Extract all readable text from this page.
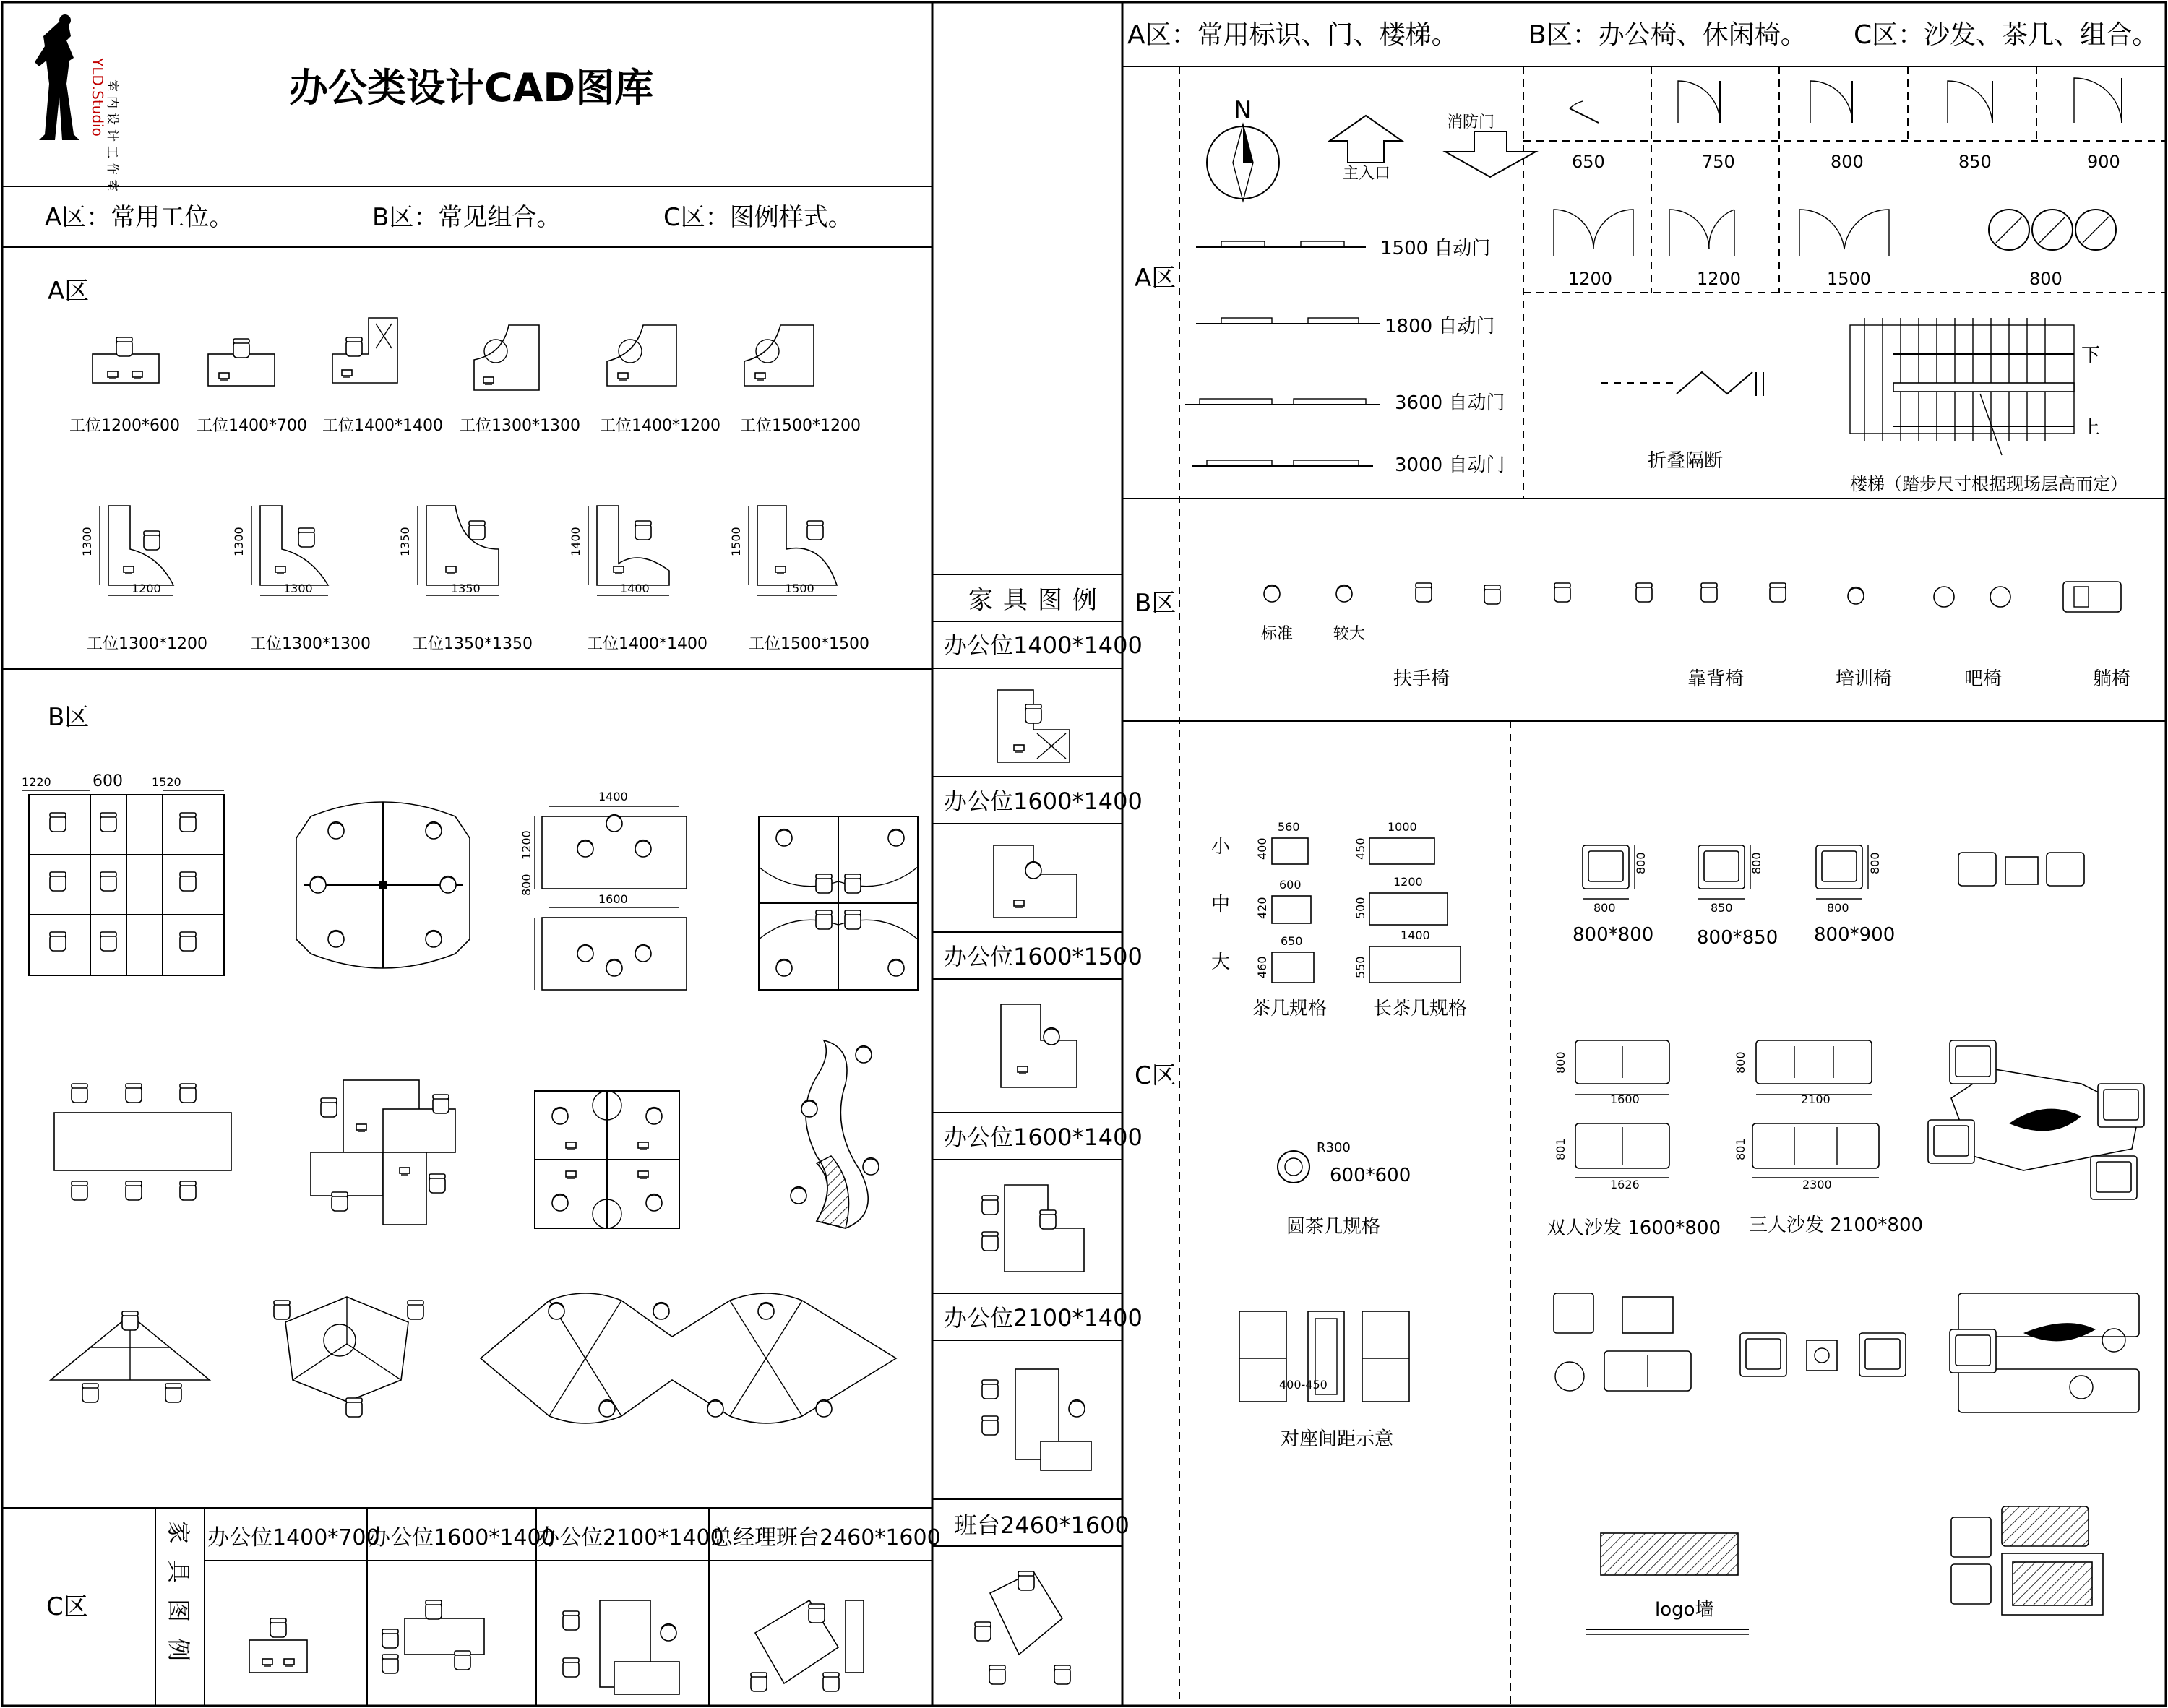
YLD.Studio
室内设计工作室	办公类设计CAD图库
A区：常用工位。	B区：常见组合。	C区：图例样式。
A区
工位1200*600 工位1400*700 工位1400*1400 工位1300*1300 工位1400*1200 工位1500*1200
1300
1200
1300
1300
1350
1350
1400
1400
1500
1500
工位1300*1200	工位1300*1300	工位1350*1350	工位1400*1400	工位1500*1500
B区
1220	600	1520
1400
1200
800
1600
C区	家具图例 办公位1400*700
办公位1600*1400
办公位2100*1400
总经理班台2460*1600
家具图例
办公位1400*1400
办公位1600*1400
办公位1600*1500
办公位1600*1400
办公位2100*1400
班台2460*1600
A区：常用标识、门、楼梯。	B区：办公椅、休闲椅。 C区：沙发、茶几、组合。
A区
N
主入口
消防门
1500 自动门
1800 自动门
3600 自动门
3000 自动门
650	750	800	850	900
1200	1200	1500	800
折叠隔断
下
上
楼梯（踏步尺寸根据现场层高而定）
B区
标准	较大
扶手椅	靠背椅	培训椅	吧椅	躺椅
C区
小
中
大
560
400
600
420
650
460
1000
450
1200
500
1400
550
茶几规格 长茶几规格
R300
600*600
圆茶几规格
400-450
对座间距示意
800
800
850
800
800
800
800*800 800*850 800*900
1600
800
1626
801
双人沙发 1600*800
2100
800
2300
801
三人沙发 2100*800
logo墙
